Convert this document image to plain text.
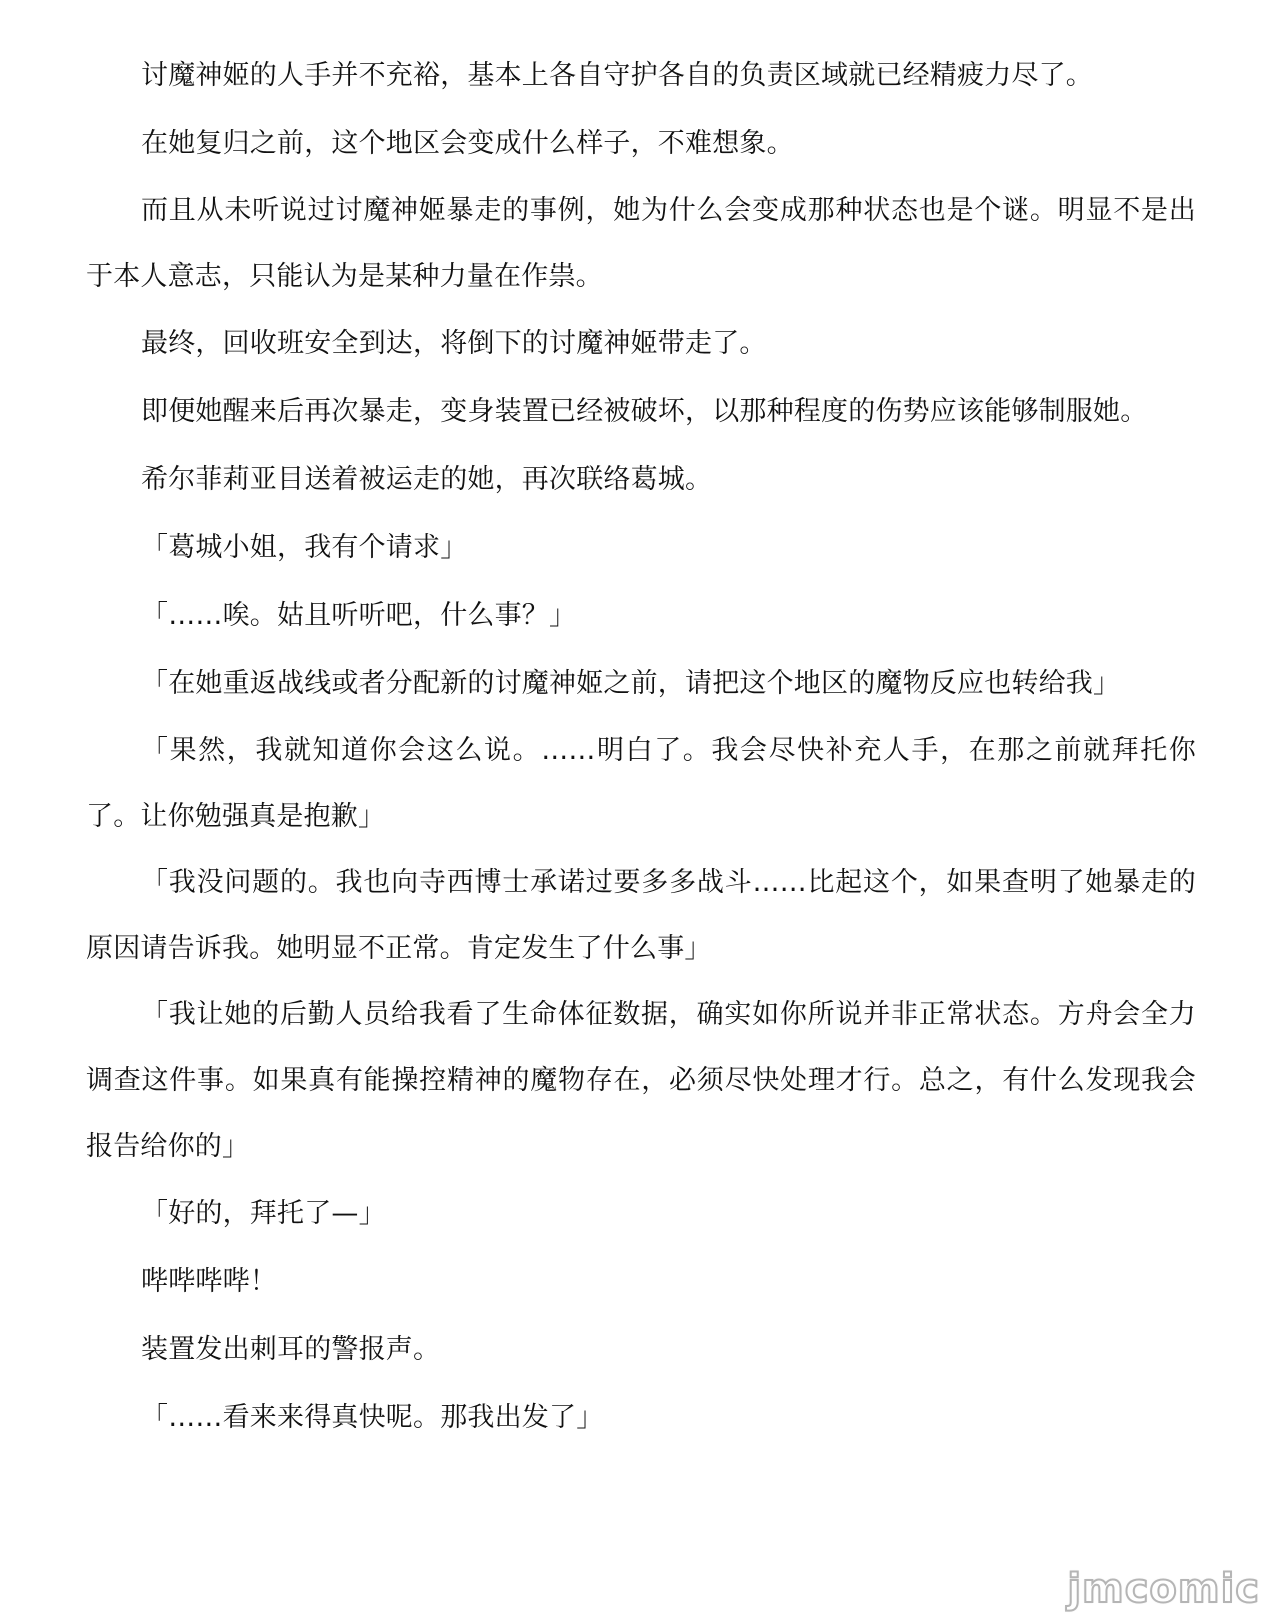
讨魔神姬的人手并不充裕，基本上各自守护各自的负责区域就已经精疲力尽了。

在她复归之前，这个地区会变成什么样子，不难想象。

而且从未听说过讨魔神姬暴走的事例，她为什么会变成那种状态也是个谜。明显不是出于本人意志，只能认为是某种力量在作祟。

最终，回收班安全到达，将倒下的讨魔神姬带走了。

即便她醒来后再次暴走，变身装置已经被破坏，以那种程度的伤势应该能够制服她。

希尔菲莉亚目送着被运走的她，再次联络葛城。

「葛城小姐，我有个请求」

「……唉。姑且听听吧，什么事？」

「在她重返战线或者分配新的讨魔神姬之前，请把这个地区的魔物反应也转给我」

「果然，我就知道你会这么说。……明白了。我会尽快补充人手，在那之前就拜托你了。让你勉强真是抱歉」

「我没问题的。我也向寺西博士承诺过要多多战斗……比起这个，如果查明了她暴走的原因请告诉我。她明显不正常。肯定发生了什么事」

「我让她的后勤人员给我看了生命体征数据，确实如你所说并非正常状态。方舟会全力调查这件事。如果真有能操控精神的魔物存在，必须尽快处理才行。总之，有什么发现我会报告给你的」

「好的，拜托了—」

哔哔哔哔！

装置发出刺耳的警报声。

「……看来来得真快呢。那我出发了」

jmcomic
